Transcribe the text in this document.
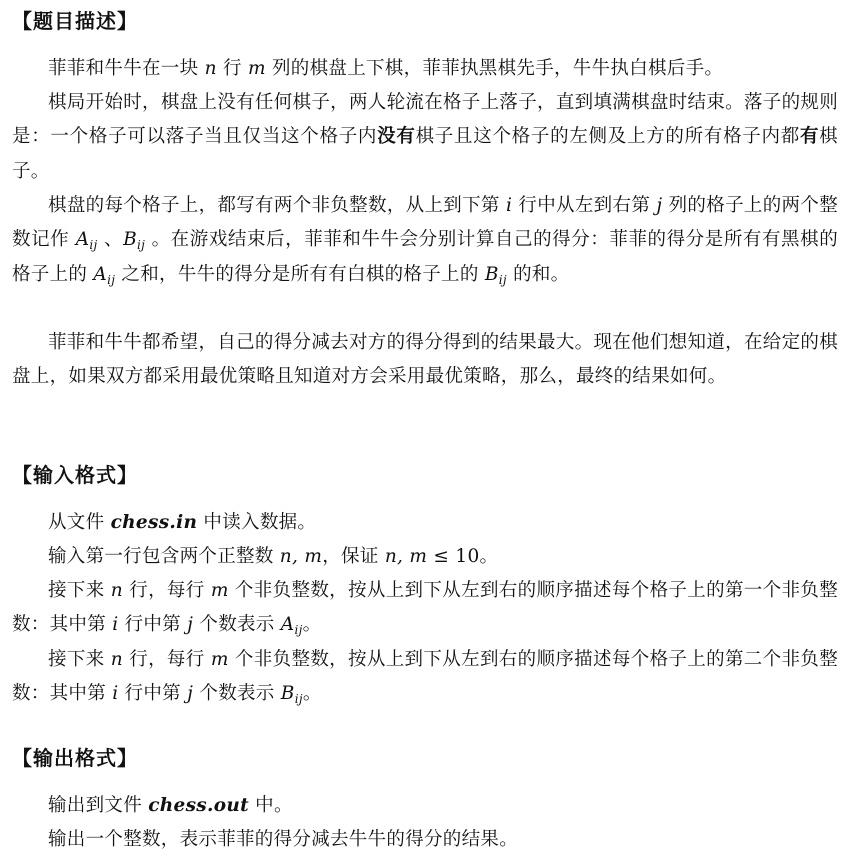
【题目描述】

菲菲和牛牛在一块 n 行 m 列的棋盘上下棋，菲菲执黑棋先手，牛牛执白棋后手。

棋局开始时，棋盘上没有任何棋子，两人轮流在格子上落子，直到填满棋盘时结束。落子的规则是：一个格子可以落子当且仅当这个格子内没有棋子且这个格子的左侧及上方的所有格子内都有棋子。

棋盘的每个格子上，都写有两个非负整数，从上到下第 i 行中从左到右第 j 列的格子上的两个整数记作 $A_{ij}$ 、$B_{ij}$ 。在游戏结束后，菲菲和牛牛会分别计算自己的得分：菲菲的得分是所有有黑棋的格子上的 $A_{ij}$ 之和，牛牛的得分是所有有白棋的格子上的 $B_{ij}$ 的和。

菲菲和牛牛都希望，自己的得分减去对方的得分得到的结果最大。现在他们想知道，在给定的棋盘上，如果双方都采用最优策略且知道对方会采用最优策略，那么，最终的结果如何。

【输入格式】

从文件 chess.in 中读入数据。

输入第一行包含两个正整数 n, m，保证 n, m ≤ 10。

接下来 n 行，每行 m 个非负整数，按从上到下从左到右的顺序描述每个格子上的第一个非负整数：其中第 i 行中第 j 个数表示 $A_{ij}$。

接下来 n 行，每行 m 个非负整数，按从上到下从左到右的顺序描述每个格子上的第二个非负整数：其中第 i 行中第 j 个数表示 $B_{ij}$。

【输出格式】

输出到文件 chess.out 中。

输出一个整数，表示菲菲的得分减去牛牛的得分的结果。
